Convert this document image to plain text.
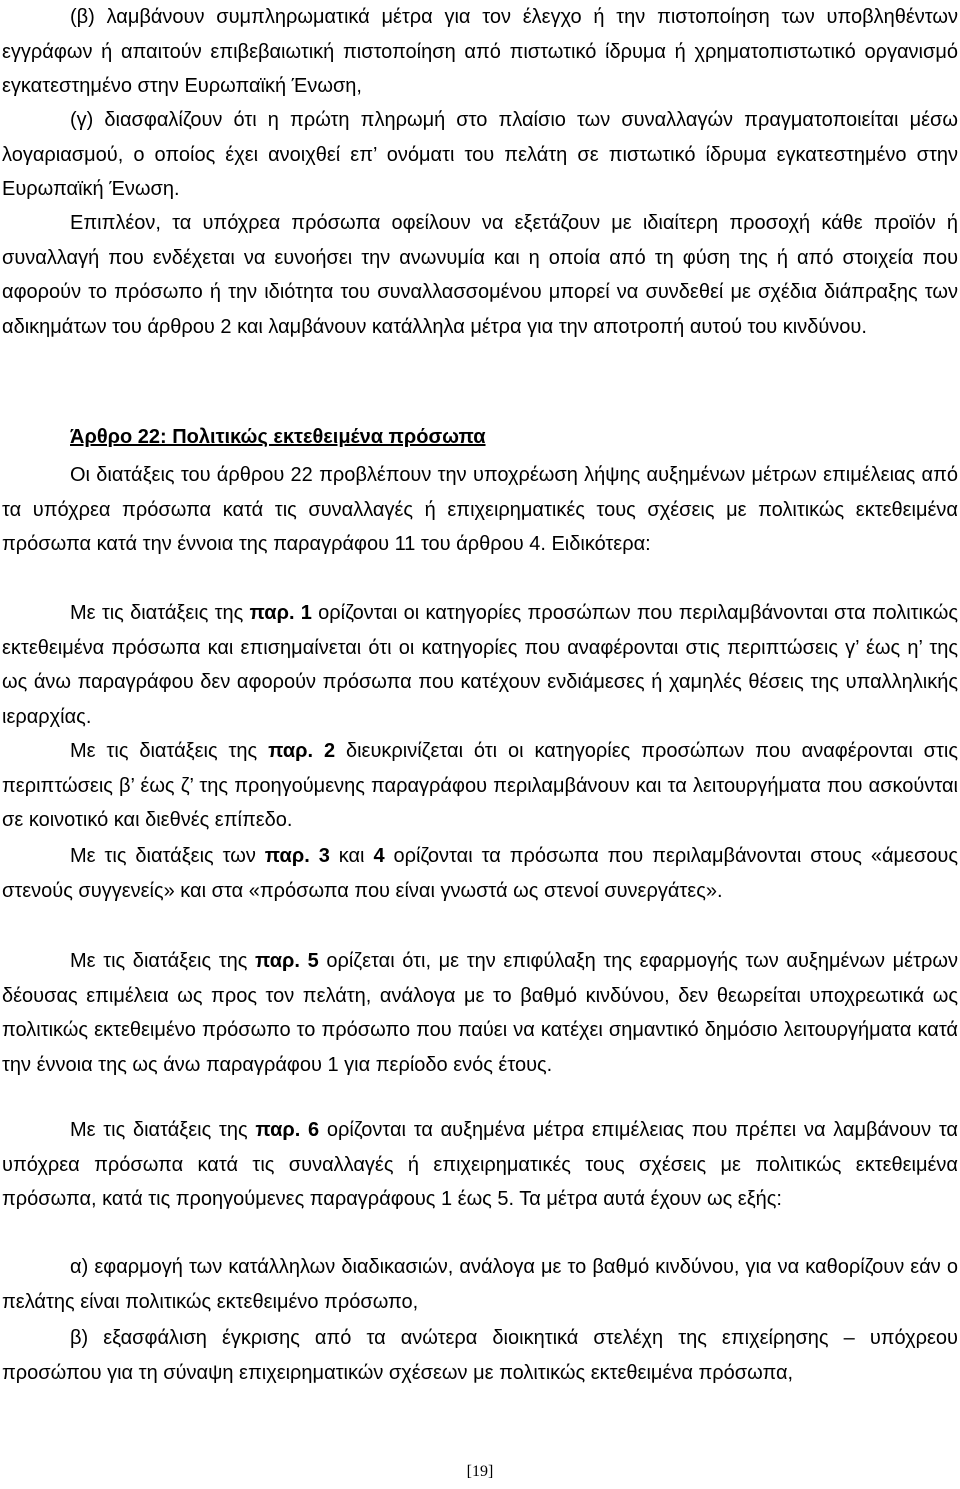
(β) λαμβάνουν συμπληρωματικά μέτρα για τον έλεγχο ή την πιστοποίηση των υποβληθέντων εγγράφων ή απαιτούν επιβεβαιωτική πιστοποίηση από πιστωτικό ίδρυμα ή χρηματοπιστωτικό οργανισμό εγκατεστημένο στην Ευρωπαϊκή Ένωση,

(γ) διασφαλίζουν ότι η πρώτη πληρωμή στο πλαίσιο των συναλλαγών πραγματοποιείται μέσω λογαριασμού, ο οποίος έχει ανοιχθεί επ’ ονόματι του πελάτη σε πιστωτικό ίδρυμα εγκατεστημένο στην Ευρωπαϊκή Ένωση.

Επιπλέον, τα υπόχρεα πρόσωπα οφείλουν να εξετάζουν με ιδιαίτερη προσοχή κάθε προϊόν ή συναλλαγή που ενδέχεται να ευνοήσει την ανωνυμία και η οποία από τη φύση της ή από στοιχεία που αφορούν το πρόσωπο ή την ιδιότητα του συναλλασσομένου μπορεί να συνδεθεί με σχέδια διάπραξης των αδικημάτων του άρθρου 2 και λαμβάνουν κατάλληλα μέτρα για την αποτροπή αυτού του κινδύνου.

Άρθρο 22: Πολιτικώς εκτεθειμένα πρόσωπα

Οι διατάξεις του άρθρου 22 προβλέπουν την υποχρέωση λήψης αυξημένων μέτρων επιμέλειας από τα υπόχρεα πρόσωπα κατά τις συναλλαγές ή επιχειρηματικές τους σχέσεις με πολιτικώς εκτεθειμένα πρόσωπα κατά την έννοια της παραγράφου 11 του άρθρου 4. Ειδικότερα:

Με τις διατάξεις της παρ. 1 ορίζονται οι κατηγορίες προσώπων που περιλαμβάνονται στα πολιτικώς εκτεθειμένα πρόσωπα και επισημαίνεται ότι οι κατηγορίες που αναφέρονται στις περιπτώσεις γ’ έως η’ της ως άνω παραγράφου δεν αφορούν πρόσωπα που κατέχουν ενδιάμεσες ή χαμηλές θέσεις της υπαλληλικής ιεραρχίας.

Με τις διατάξεις της παρ. 2 διευκρινίζεται ότι οι κατηγορίες προσώπων που αναφέρονται στις περιπτώσεις β’ έως ζ’ της προηγούμενης παραγράφου περιλαμβάνουν και τα λειτουργήματα που ασκούνται σε κοινοτικό και διεθνές επίπεδο.

Με τις διατάξεις των παρ. 3 και 4 ορίζονται τα πρόσωπα που περιλαμβάνονται στους «άμεσους στενούς συγγενείς» και στα «πρόσωπα που είναι γνωστά ως στενοί συνεργάτες».

Με τις διατάξεις της παρ. 5 ορίζεται ότι, με την επιφύλαξη της εφαρμογής των αυξημένων μέτρων δέουσας επιμέλεια ως προς τον πελάτη, ανάλογα με το βαθμό κινδύνου, δεν θεωρείται υποχρεωτικά ως πολιτικώς εκτεθειμένο πρόσωπο το πρόσωπο που παύει να κατέχει σημαντικό δημόσιο λειτουργήματα κατά την έννοια της ως άνω παραγράφου 1 για περίοδο ενός έτους.

Με τις διατάξεις της παρ. 6 ορίζονται τα αυξημένα μέτρα επιμέλειας που πρέπει να λαμβάνουν τα υπόχρεα πρόσωπα κατά τις συναλλαγές ή επιχειρηματικές τους σχέσεις με πολιτικώς εκτεθειμένα πρόσωπα, κατά τις προηγούμενες παραγράφους 1 έως 5. Τα μέτρα αυτά έχουν ως εξής:

α) εφαρμογή των κατάλληλων διαδικασιών, ανάλογα με το βαθμό κινδύνου, για να καθορίζουν εάν ο πελάτης είναι πολιτικώς εκτεθειμένο πρόσωπο,

β) εξασφάλιση έγκρισης από τα ανώτερα διοικητικά στελέχη της επιχείρησης – υπόχρεου προσώπου για τη σύναψη επιχειρηματικών σχέσεων με πολιτικώς εκτεθειμένα πρόσωπα,

[19]
